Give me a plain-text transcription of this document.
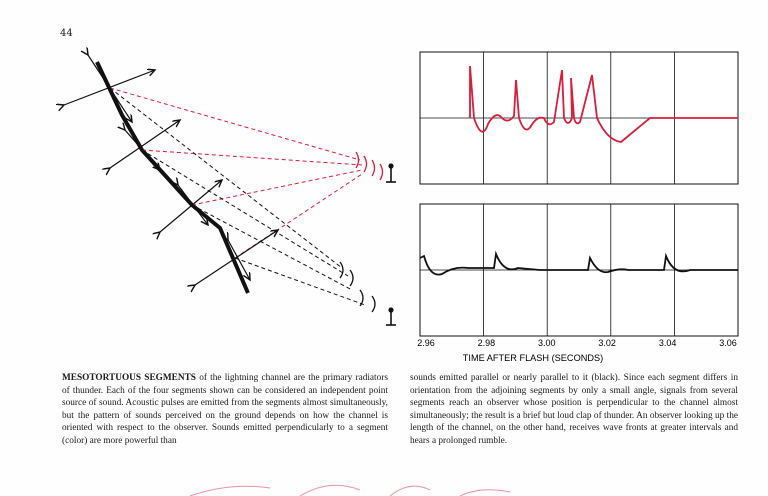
44
2.96	2.98	3.00	3.02	3.04	3.06
TIME AFTER FLASH (SECONDS)
MESOTORTUOUS SEGMENTS of the lightning channel are the primary radiators of thunder. Each of the four segments shown can be considered an independent point source of sound. Acoustic pulses are emitted from the segments almost simultaneously, but the pattern of sounds perceived on the ground depends on how the channel is oriented with respect to the observer. Sounds emitted perpendicularly to a segment (color) are more powerful than
sounds emitted parallel or nearly parallel to it (black). Since each segment differs in orientation from the adjoining segments by only a small angle, signals from several segments reach an observer whose position is perpendicular to the channel almost simultaneously; the result is a brief but loud clap of thunder. An observer looking up the length of the channel, on the other hand, receives wave fronts at greater intervals and hears a prolonged rumble.
